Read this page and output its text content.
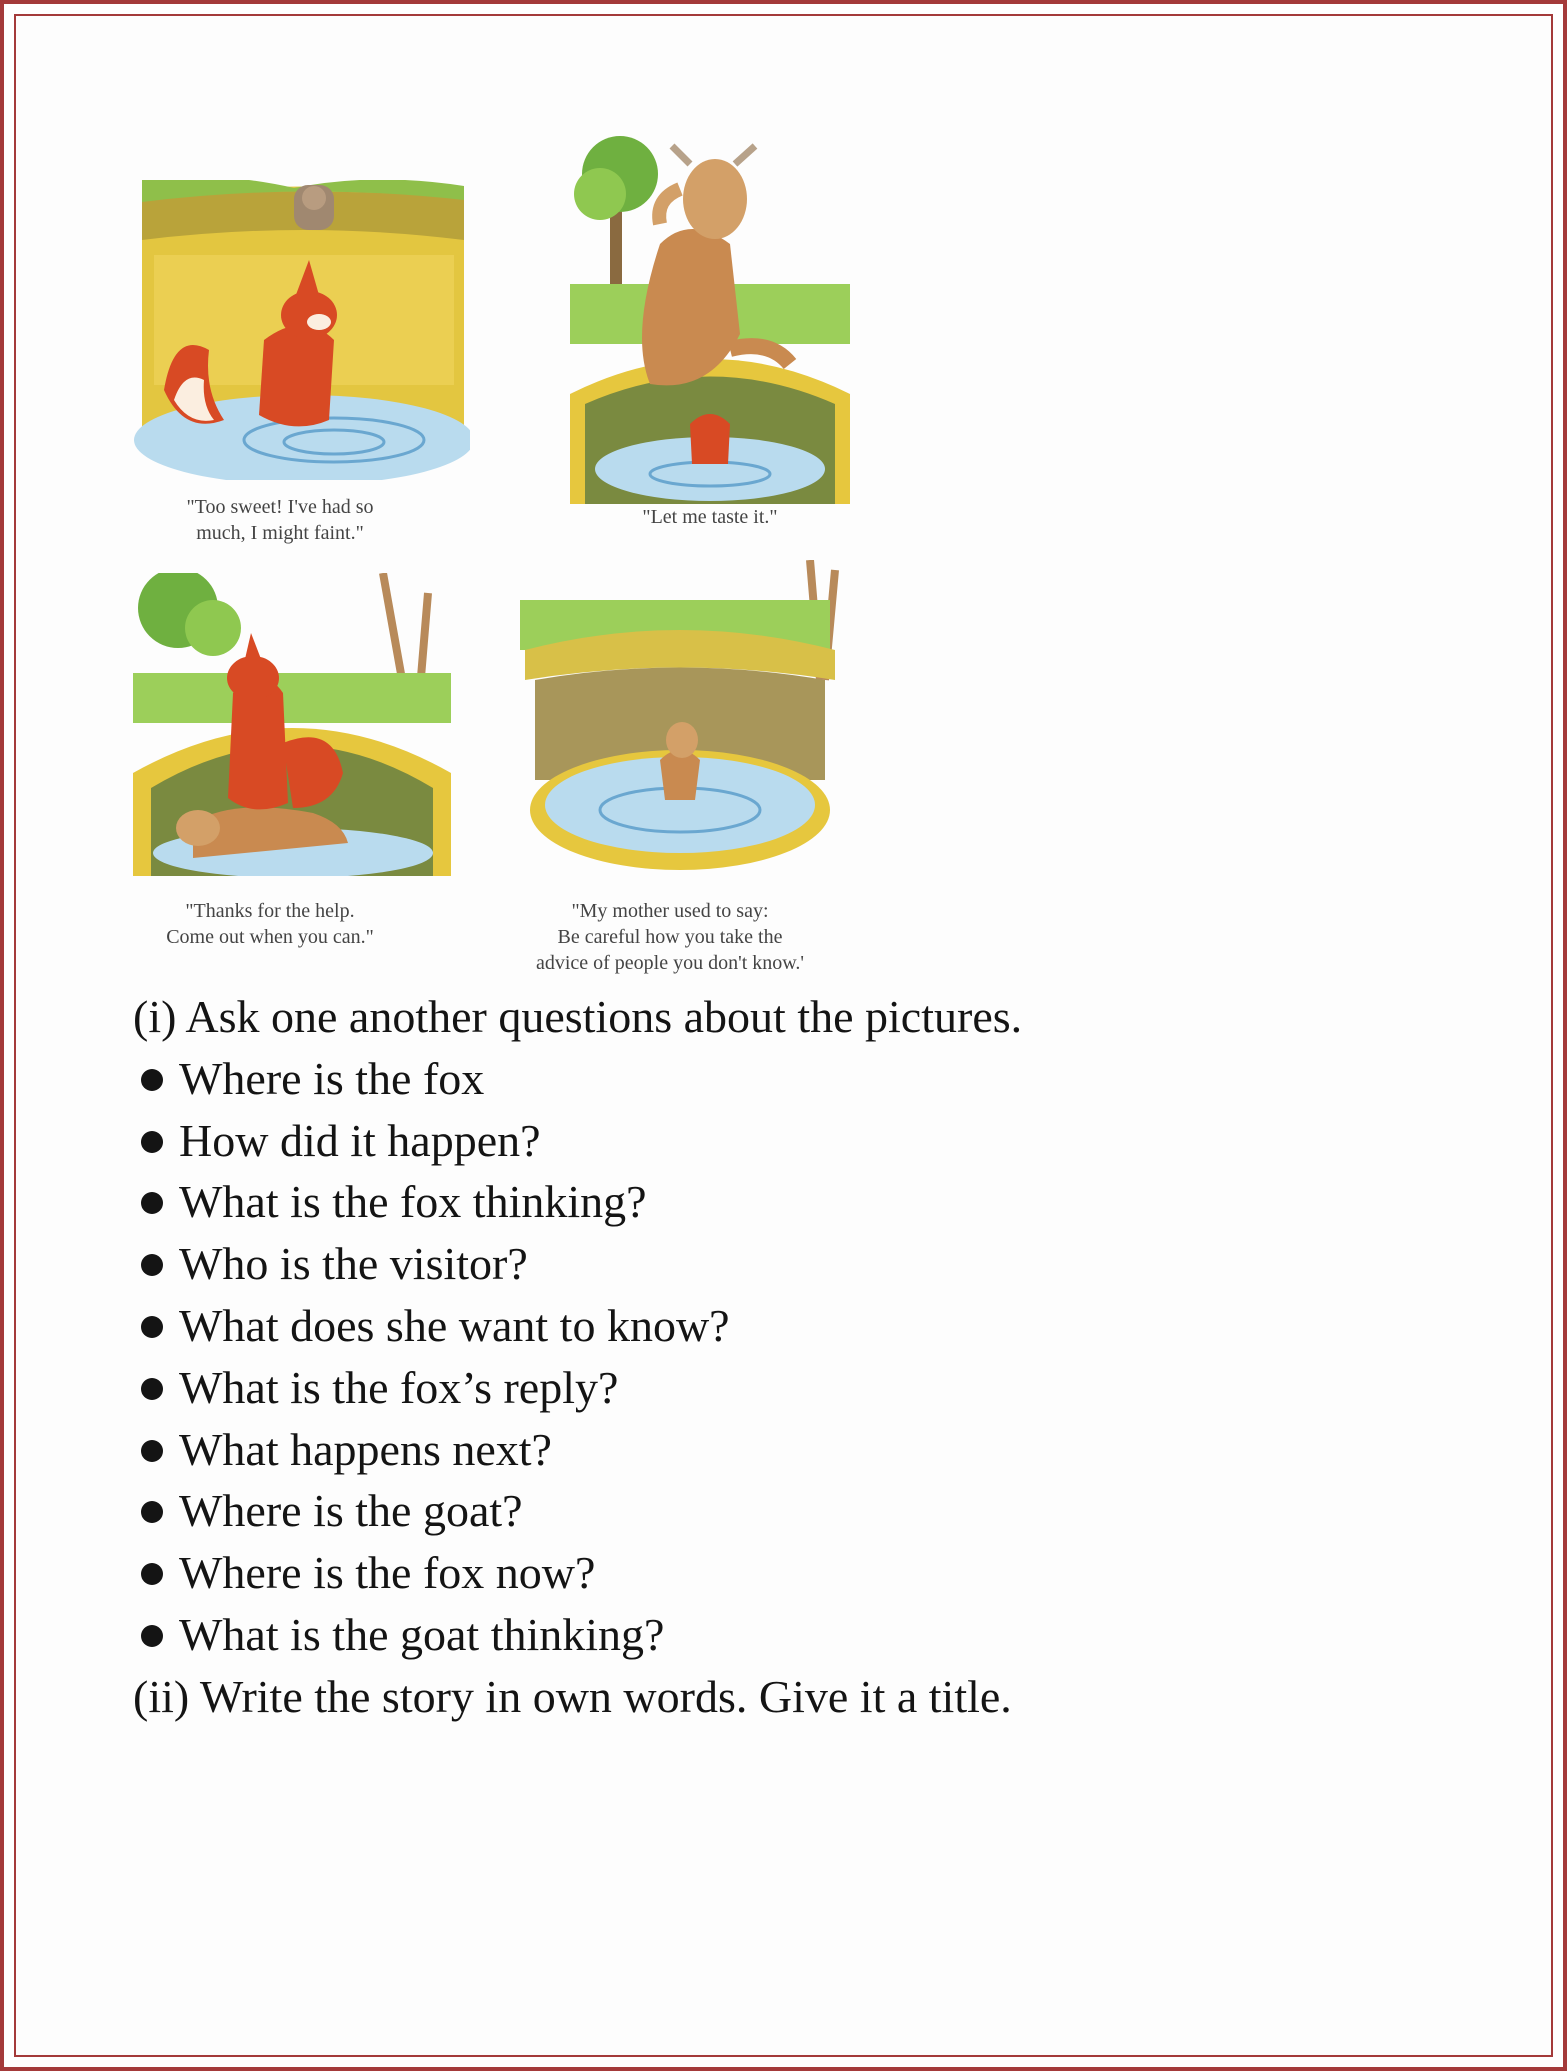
"Too sweet! I've had so
much, I might faint."
"Let me taste it."
"Thanks for the help.
Come out when you can."
"My mother used to say:
Be careful how you take the
advice of people you don't know.'
(i) Ask one another questions about the pictures.
Where is the fox
How did it happen?
What is the fox thinking?
Who is the visitor?
What does she want to know?
What is the fox’s reply?
What happens next?
Where is the goat?
Where is the fox now?
What is the goat thinking?
(ii) Write the story in own words. Give it a title.
